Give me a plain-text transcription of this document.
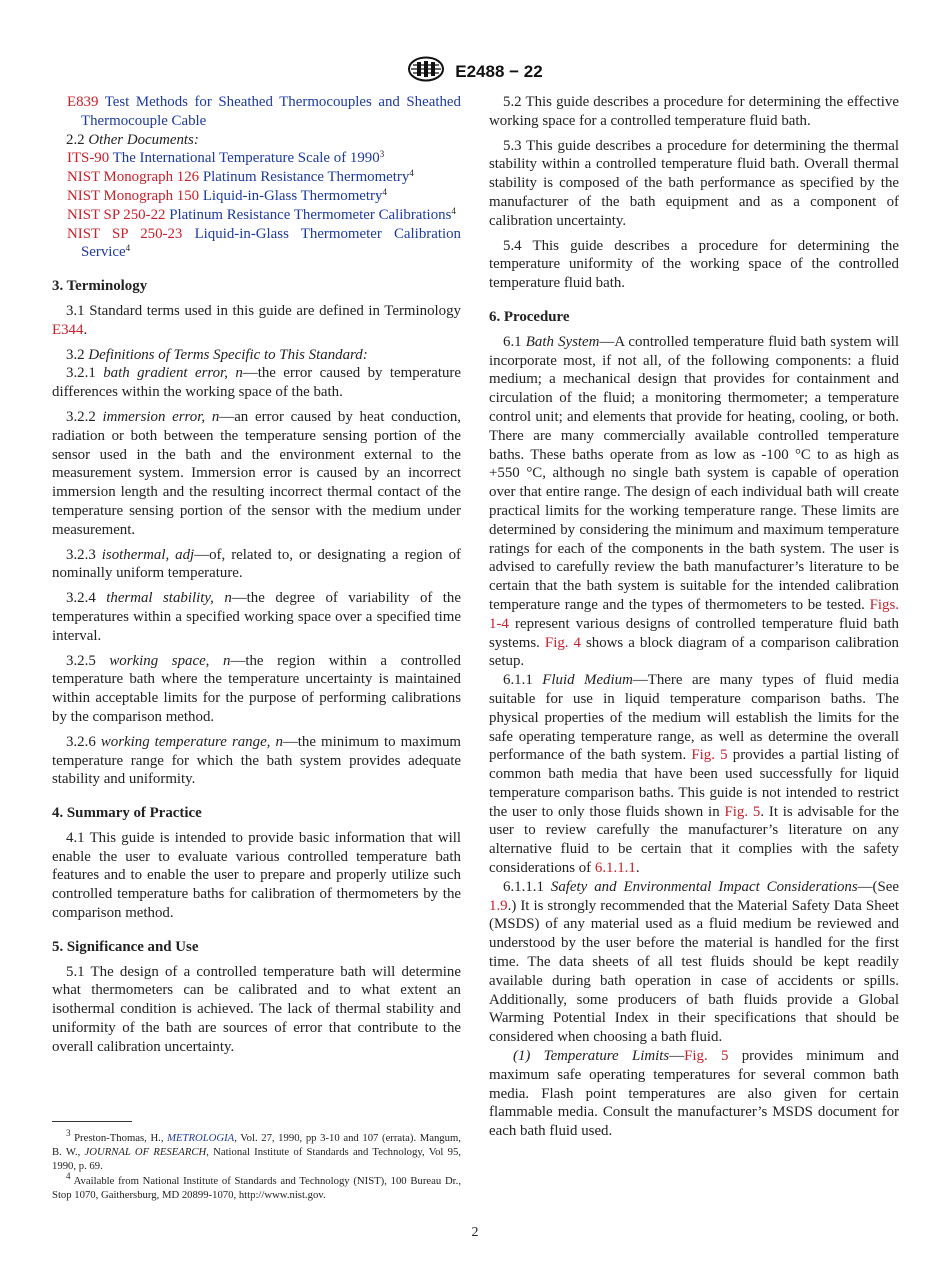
E2488 − 22

E839 Test Methods for Sheathed Thermocouples and Sheathed Thermocouple Cable

2.2 Other Documents:

ITS-90 The International Temperature Scale of 1990$^3$

NIST Monograph 126 Platinum Resistance Thermometry$^4$

NIST Monograph 150 Liquid-in-Glass Thermometry$^4$

NIST SP 250-22 Platinum Resistance Thermometer Calibrations$^4$

NIST SP 250-23 Liquid-in-Glass Thermometer Calibration Service$^4$

3. Terminology

3.1 Standard terms used in this guide are defined in Terminology E344.

3.2 Definitions of Terms Specific to This Standard:

3.2.1 bath gradient error, n—the error caused by temperature differences within the working space of the bath.

3.2.2 immersion error, n—an error caused by heat conduction, radiation or both between the temperature sensing portion of the sensor used in the bath and the environment external to the measurement system. Immersion error is caused by an incorrect immersion length and the resulting incorrect thermal contact of the temperature sensing portion of the sensor with the medium under measurement.

3.2.3 isothermal, adj—of, related to, or designating a region of nominally uniform temperature.

3.2.4 thermal stability, n—the degree of variability of the temperatures within a specified working space over a specified time interval.

3.2.5 working space, n—the region within a controlled temperature bath where the temperature uncertainty is maintained within acceptable limits for the purpose of performing calibrations by the comparison method.

3.2.6 working temperature range, n—the minimum to maximum temperature range for which the bath system provides adequate stability and uniformity.

4. Summary of Practice

4.1 This guide is intended to provide basic information that will enable the user to evaluate various controlled temperature bath features and to enable the user to prepare and properly utilize such controlled temperature baths for calibration of thermometers by the comparison method.

5. Significance and Use

5.1 The design of a controlled temperature bath will determine what thermometers can be calibrated and to what extent an isothermal condition is achieved. The lack of thermal stability and uniformity of the bath are sources of error that contribute to the overall calibration uncertainty.

$^3$ Preston-Thomas, H., METROLOGIA, Vol. 27, 1990, pp 3-10 and 107 (errata). Mangum, B. W., JOURNAL OF RESEARCH, National Institute of Standards and Technology, Vol 95, 1990, p. 69.

$^4$ Available from National Institute of Standards and Technology (NIST), 100 Bureau Dr., Stop 1070, Gaithersburg, MD 20899-1070, http://www.nist.gov.

5.2 This guide describes a procedure for determining the effective working space for a controlled temperature fluid bath.

5.3 This guide describes a procedure for determining the thermal stability within a controlled temperature fluid bath. Overall thermal stability is composed of the bath performance as specified by the manufacturer of the bath equipment and as a component of calibration uncertainty.

5.4 This guide describes a procedure for determining the temperature uniformity of the working space of the controlled temperature fluid bath.

6. Procedure

6.1 Bath System—A controlled temperature fluid bath system will incorporate most, if not all, of the following components: a fluid medium; a mechanical design that provides for containment and circulation of the fluid; a monitoring thermometer; a temperature control unit; and elements that provide for heating, cooling, or both. There are many commercially available controlled temperature baths. These baths operate from as low as -100 °C to as high as +550 °C, although no single bath system is capable of operation over that entire range. The design of each individual bath will create practical limits for the working temperature range. These limits are determined by considering the minimum and maximum temperature ratings for each of the components in the bath system. The user is advised to carefully review the bath manufacturer’s literature to be certain that the bath system is suitable for the intended calibration temperature range and the types of thermometers to be tested. Figs. 1-4 represent various designs of controlled temperature fluid bath systems. Fig. 4 shows a block diagram of a comparison calibration setup.

6.1.1 Fluid Medium—There are many types of fluid media suitable for use in liquid temperature comparison baths. The physical properties of the medium will establish the limits for the safe operating temperature range, as well as determine the overall performance of the bath system. Fig. 5 provides a partial listing of common bath media that have been used successfully for liquid temperature comparison baths. This guide is not intended to restrict the user to only those fluids shown in Fig. 5. It is advisable for the user to review carefully the manufacturer’s literature on any alternative fluid to be certain that it complies with the safety considerations of 6.1.1.1.

6.1.1.1 Safety and Environmental Impact Considerations—(See 1.9.) It is strongly recommended that the Material Safety Data Sheet (MSDS) of any material used as a fluid medium be reviewed and understood by the user before the material is handled for the first time. The data sheets of all test fluids should be kept readily available during bath operation in case of accidents or spills. Additionally, some producers of bath fluids provide a Global Warming Potential Index in their specifications that should be considered when choosing a bath fluid.

(1) Temperature Limits—Fig. 5 provides minimum and maximum safe operating temperatures for several common bath media. Flash point temperatures are also given for certain flammable media. Consult the manufacturer’s MSDS document for each bath fluid used.

2
